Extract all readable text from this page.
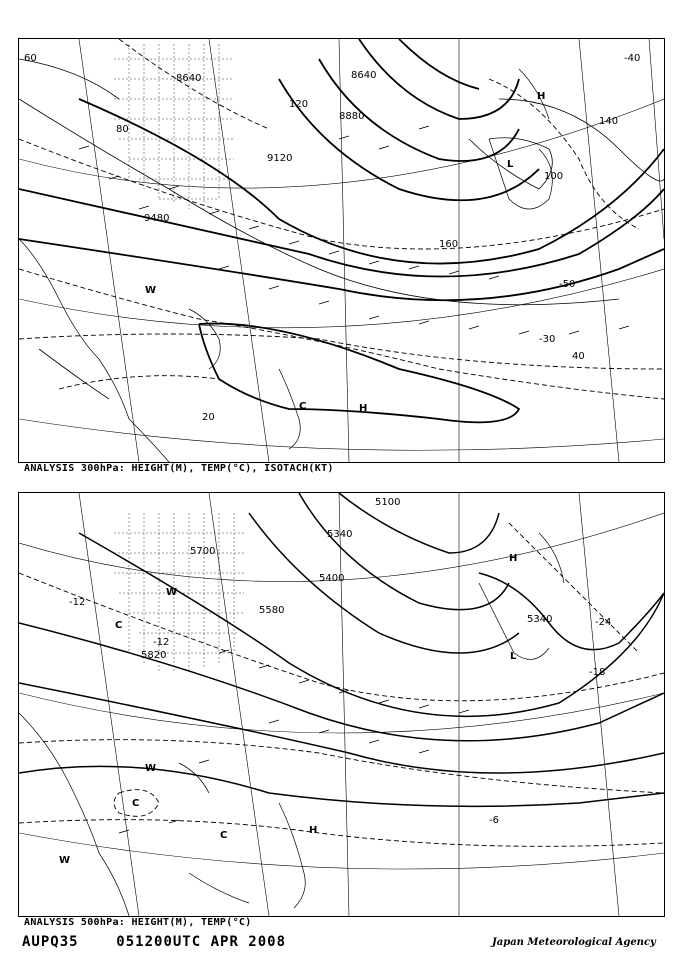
8640
8880
9120
9480
8640
60
80
100
120
140
160
20
40
-40
-50
-30
H
L
H
C
W
ANALYSIS 300hPa: HEIGHT(M), TEMP(°C), ISOTACH(KT)
5100
5340
5400
5580
5700
5820
5340
-12
-12
-24
-18
-6
H
L
W
C
C
H
W
W
C
ANALYSIS 500hPa: HEIGHT(M), TEMP(°C)
AUPQ35	051200UTC APR 2008	Japan Meteorological Agency
